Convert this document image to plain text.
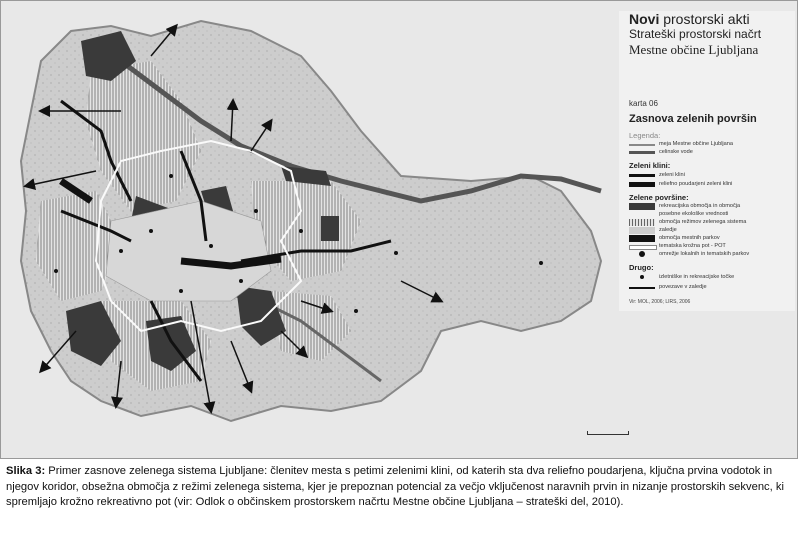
Novi prostorski akti
Strateški prostorski načrt
Mestne občine Ljubljana
karta 06
Zasnova zelenih površin
Legenda:
meja Mestne občine Ljubljana
celinske vode
Zeleni klini:
zeleni klini
reliefno poudarjeni zeleni klini
Zelene površine:
rekreacijska območja in območja
posebne ekološke vrednosti
območja režimov zelenega sistema
zaledje
območja mestnih parkov
tematska krožna pot - POT
omrežje lokalnih in tematskih parkov
Drugo:
izletniške in rekreacijske točke
povezave v zaledje
Vir: MOL, 2006; LIRS, 2006
Slika 3: Primer zasnove zelenega sistema Ljubljane: členitev mesta s petimi zelenimi klini, od katerih sta dva reliefno poudarjena, ključna prvina vodotok in njegov koridor, obsežna območja z režimi zelenega sistema, kjer je prepoznan potencial za večjo vključenost naravnih prvin in nizanje prostorskih sekvenc, ki spremljajo krožno rekreativno pot (vir: Odlok o občinskem prostorskem načrtu Mestne občine Ljubljana – strateški del, 2010).
